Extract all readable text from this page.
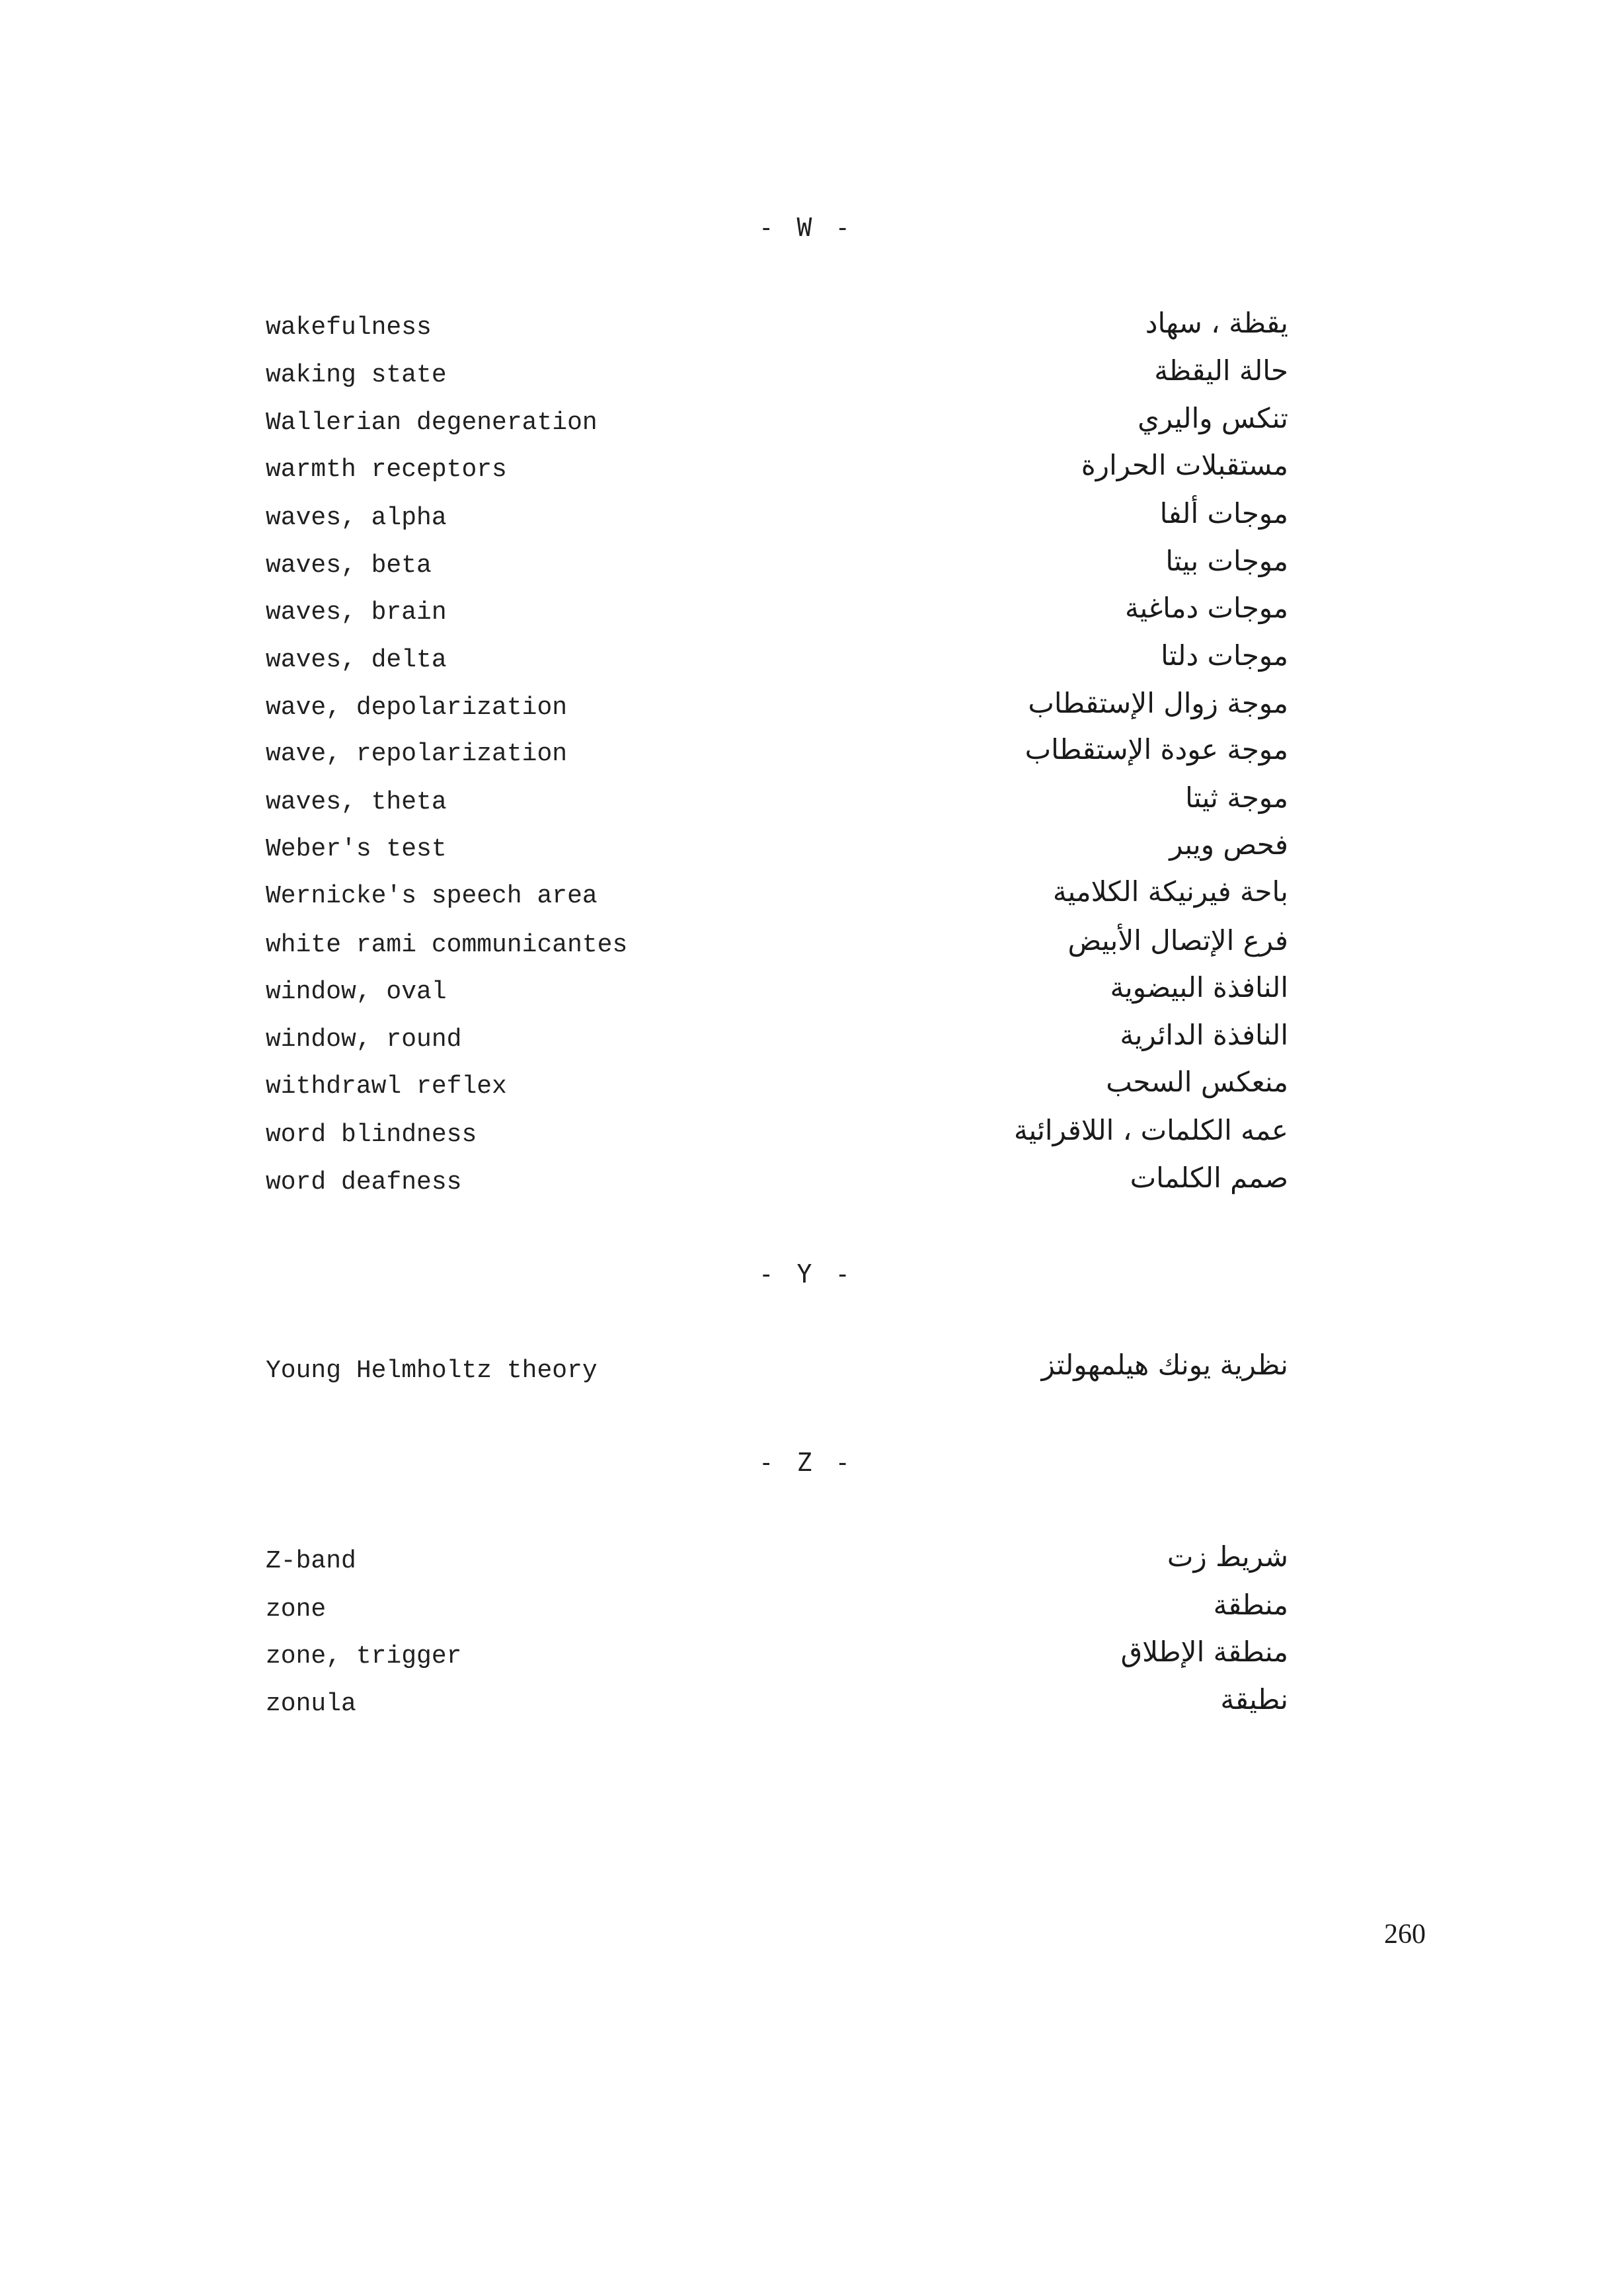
- W -
wakefulness	يقظة ، سهاد
waking state	حالة اليقظة
Wallerian degeneration	تنكس واليري
warmth receptors	مستقبلات الحرارة
waves, alpha	موجات ألفا
waves, beta	موجات بيتا
waves, brain	موجات دماغية
waves, delta	موجات دلتا
wave, depolarization	موجة زوال الإستقطاب
wave, repolarization	موجة عودة الإستقطاب
waves, theta	موجة ثيتا
Weber's test	فحص ويبر
Wernicke's speech area	باحة فيرنيكة الكلامية
white rami communicantes	فرع الإتصال الأبيض
window, oval	النافذة البيضوية
window, round	النافذة الدائرية
withdrawl reflex	منعكس السحب
word blindness	عمه الكلمات ، اللاقرائية
word deafness	صمم الكلمات
- Y -
Young Helmholtz theory	نظرية يونك هيلمهولتز
- Z -
Z-band	شريط زت
zone	منطقة
zone, trigger	منطقة الإطلاق
zonula	نطيقة
260
